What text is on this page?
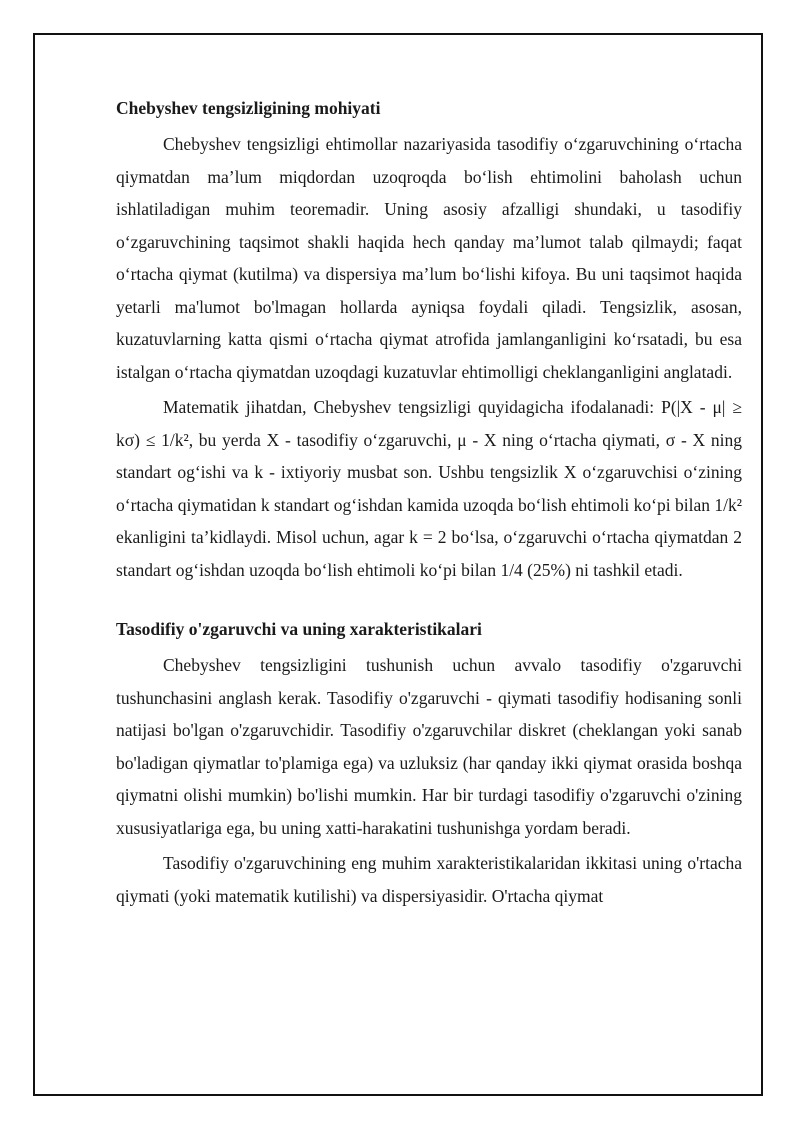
Chebyshev tengsizligining mohiyati

Chebyshev tengsizligi ehtimollar nazariyasida tasodifiy o‘zgaruvchining o‘rtacha qiymatdan ma’lum miqdordan uzoqroqda bo‘lish ehtimolini baholash uchun ishlatiladigan muhim teoremadir. Uning asosiy afzalligi shundaki, u tasodifiy o‘zgaruvchining taqsimot shakli haqida hech qanday ma’lumot talab qilmaydi; faqat o‘rtacha qiymat (kutilma) va dispersiya ma’lum bo‘lishi kifoya. Bu uni taqsimot haqida yetarli ma'lumot bo'lmagan hollarda ayniqsa foydali qiladi. Tengsizlik, asosan, kuzatuvlarning katta qismi o‘rtacha qiymat atrofida jamlanganligini ko‘rsatadi, bu esa istalgan o‘rtacha qiymatdan uzoqdagi kuzatuvlar ehtimolligi cheklanganligini anglatadi.

Matematik jihatdan, Chebyshev tengsizligi quyidagicha ifodalanadi: P(|X - μ| ≥ kσ) ≤ 1/k², bu yerda X - tasodifiy o‘zgaruvchi, μ - X ning o‘rtacha qiymati, σ - X ning standart og‘ishi va k - ixtiyoriy musbat son. Ushbu tengsizlik X o‘zgaruvchisi o‘zining o‘rtacha qiymatidan k standart og‘ishdan kamida uzoqda bo‘lish ehtimoli ko‘pi bilan 1/k² ekanligini ta’kidlaydi. Misol uchun, agar k = 2 bo‘lsa, o‘zgaruvchi o‘rtacha qiymatdan 2 standart og‘ishdan uzoqda bo‘lish ehtimoli ko‘pi bilan 1/4 (25%) ni tashkil etadi.

Tasodifiy o'zgaruvchi va uning xarakteristikalari

Chebyshev tengsizligini tushunish uchun avvalo tasodifiy o'zgaruvchi tushunchasini anglash kerak. Tasodifiy o'zgaruvchi - qiymati tasodifiy hodisaning sonli natijasi bo'lgan o'zgaruvchidir. Tasodifiy o'zgaruvchilar diskret (cheklangan yoki sanab bo'ladigan qiymatlar to'plamiga ega) va uzluksiz (har qanday ikki qiymat orasida boshqa qiymatni olishi mumkin) bo'lishi mumkin. Har bir turdagi tasodifiy o'zgaruvchi o'zining xususiyatlariga ega, bu uning xatti-harakatini tushunishga yordam beradi.

Tasodifiy o'zgaruvchining eng muhim xarakteristikalaridan ikkitasi uning o'rtacha qiymati (yoki matematik kutilishi) va dispersiyasidir. O'rtacha qiymat
